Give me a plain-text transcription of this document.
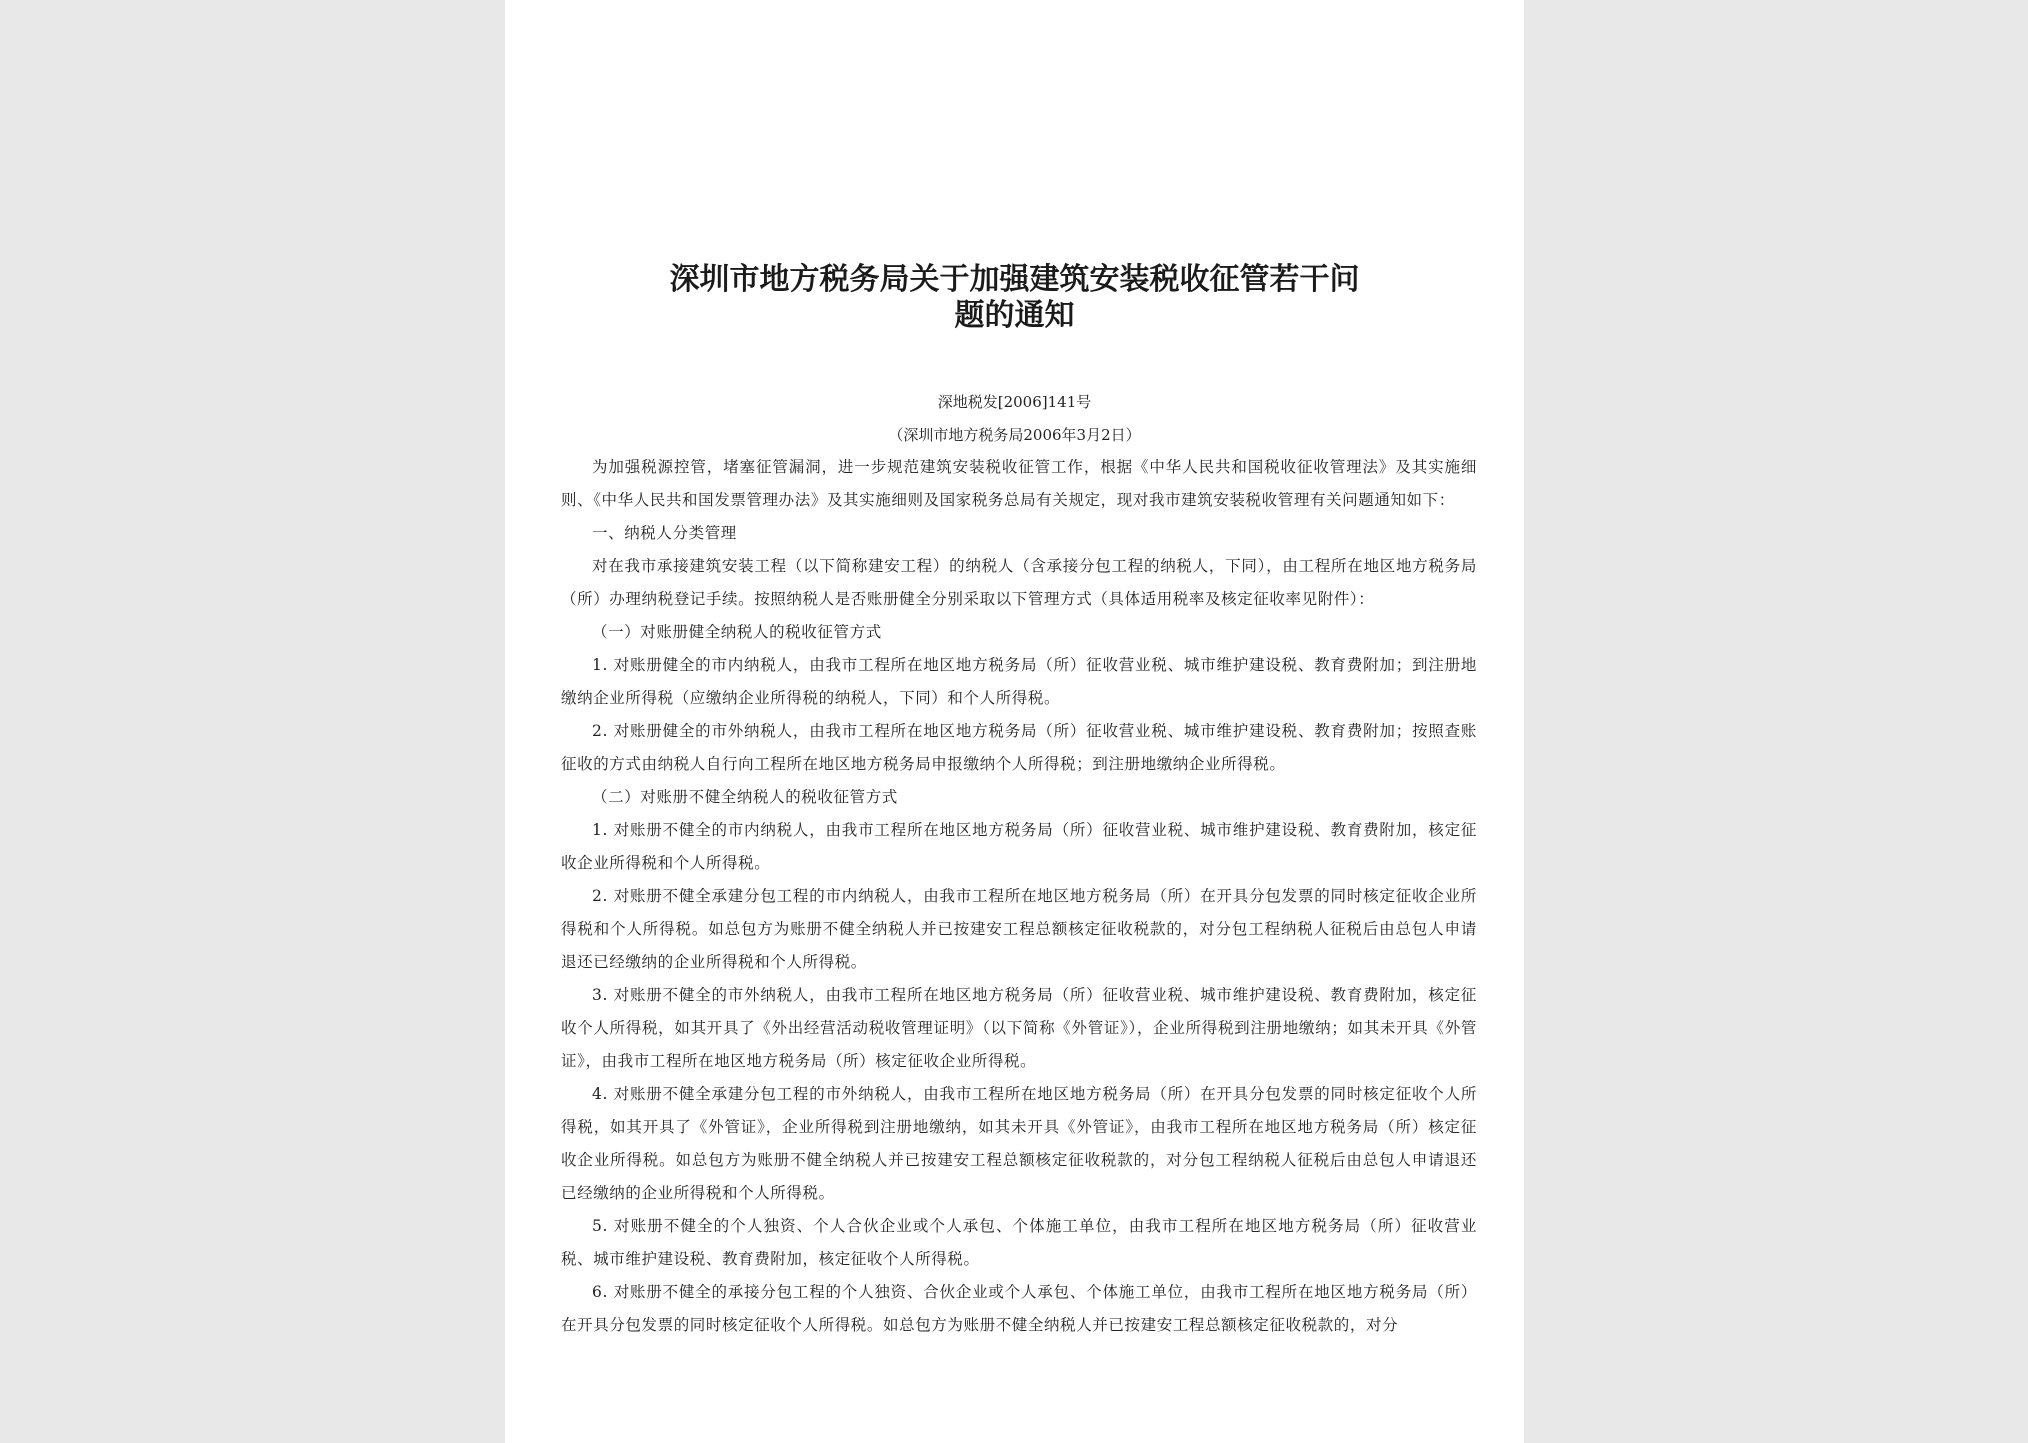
深圳市地方税务局关于加强建筑安装税收征管若干问
题的通知
深地税发[2006]141号
（深圳市地方税务局2006年3月2日）

为加强税源控管，堵塞征管漏洞，进一步规范建筑安装税收征管工作，根据《中华人民共和国税收征收管理法》及其实施细则、《中华人民共和国发票管理办法》及其实施细则及国家税务总局有关规定，现对我市建筑安装税收管理有关问题通知如下：

一、纳税人分类管理

对在我市承接建筑安装工程（以下简称建安工程）的纳税人（含承接分包工程的纳税人，下同），由工程所在地区地方税务局（所）办理纳税登记手续。按照纳税人是否账册健全分别采取以下管理方式（具体适用税率及核定征收率见附件）：

（一）对账册健全纳税人的税收征管方式

1. 对账册健全的市内纳税人，由我市工程所在地区地方税务局（所）征收营业税、城市维护建设税、教育费附加；到注册地缴纳企业所得税（应缴纳企业所得税的纳税人，下同）和个人所得税。

2. 对账册健全的市外纳税人，由我市工程所在地区地方税务局（所）征收营业税、城市维护建设税、教育费附加；按照查账征收的方式由纳税人自行向工程所在地区地方税务局申报缴纳个人所得税；到注册地缴纳企业所得税。

（二）对账册不健全纳税人的税收征管方式

1. 对账册不健全的市内纳税人，由我市工程所在地区地方税务局（所）征收营业税、城市维护建设税、教育费附加，核定征收企业所得税和个人所得税。

2. 对账册不健全承建分包工程的市内纳税人，由我市工程所在地区地方税务局（所）在开具分包发票的同时核定征收企业所得税和个人所得税。如总包方为账册不健全纳税人并已按建安工程总额核定征收税款的，对分包工程纳税人征税后由总包人申请退还已经缴纳的企业所得税和个人所得税。

3. 对账册不健全的市外纳税人，由我市工程所在地区地方税务局（所）征收营业税、城市维护建设税、教育费附加，核定征收个人所得税，如其开具了《外出经营活动税收管理证明》（以下简称《外管证》），企业所得税到注册地缴纳；如其未开具《外管证》，由我市工程所在地区地方税务局（所）核定征收企业所得税。

4. 对账册不健全承建分包工程的市外纳税人，由我市工程所在地区地方税务局（所）在开具分包发票的同时核定征收个人所得税，如其开具了《外管证》，企业所得税到注册地缴纳，如其未开具《外管证》，由我市工程所在地区地方税务局（所）核定征收企业所得税。如总包方为账册不健全纳税人并已按建安工程总额核定征收税款的，对分包工程纳税人征税后由总包人申请退还已经缴纳的企业所得税和个人所得税。

5. 对账册不健全的个人独资、个人合伙企业或个人承包、个体施工单位，由我市工程所在地区地方税务局（所）征收营业税、城市维护建设税、教育费附加，核定征收个人所得税。

6. 对账册不健全的承接分包工程的个人独资、合伙企业或个人承包、个体施工单位，由我市工程所在地区地方税务局（所）在开具分包发票的同时核定征收个人所得税。如总包方为账册不健全纳税人并已按建安工程总额核定征收税款的，对分
